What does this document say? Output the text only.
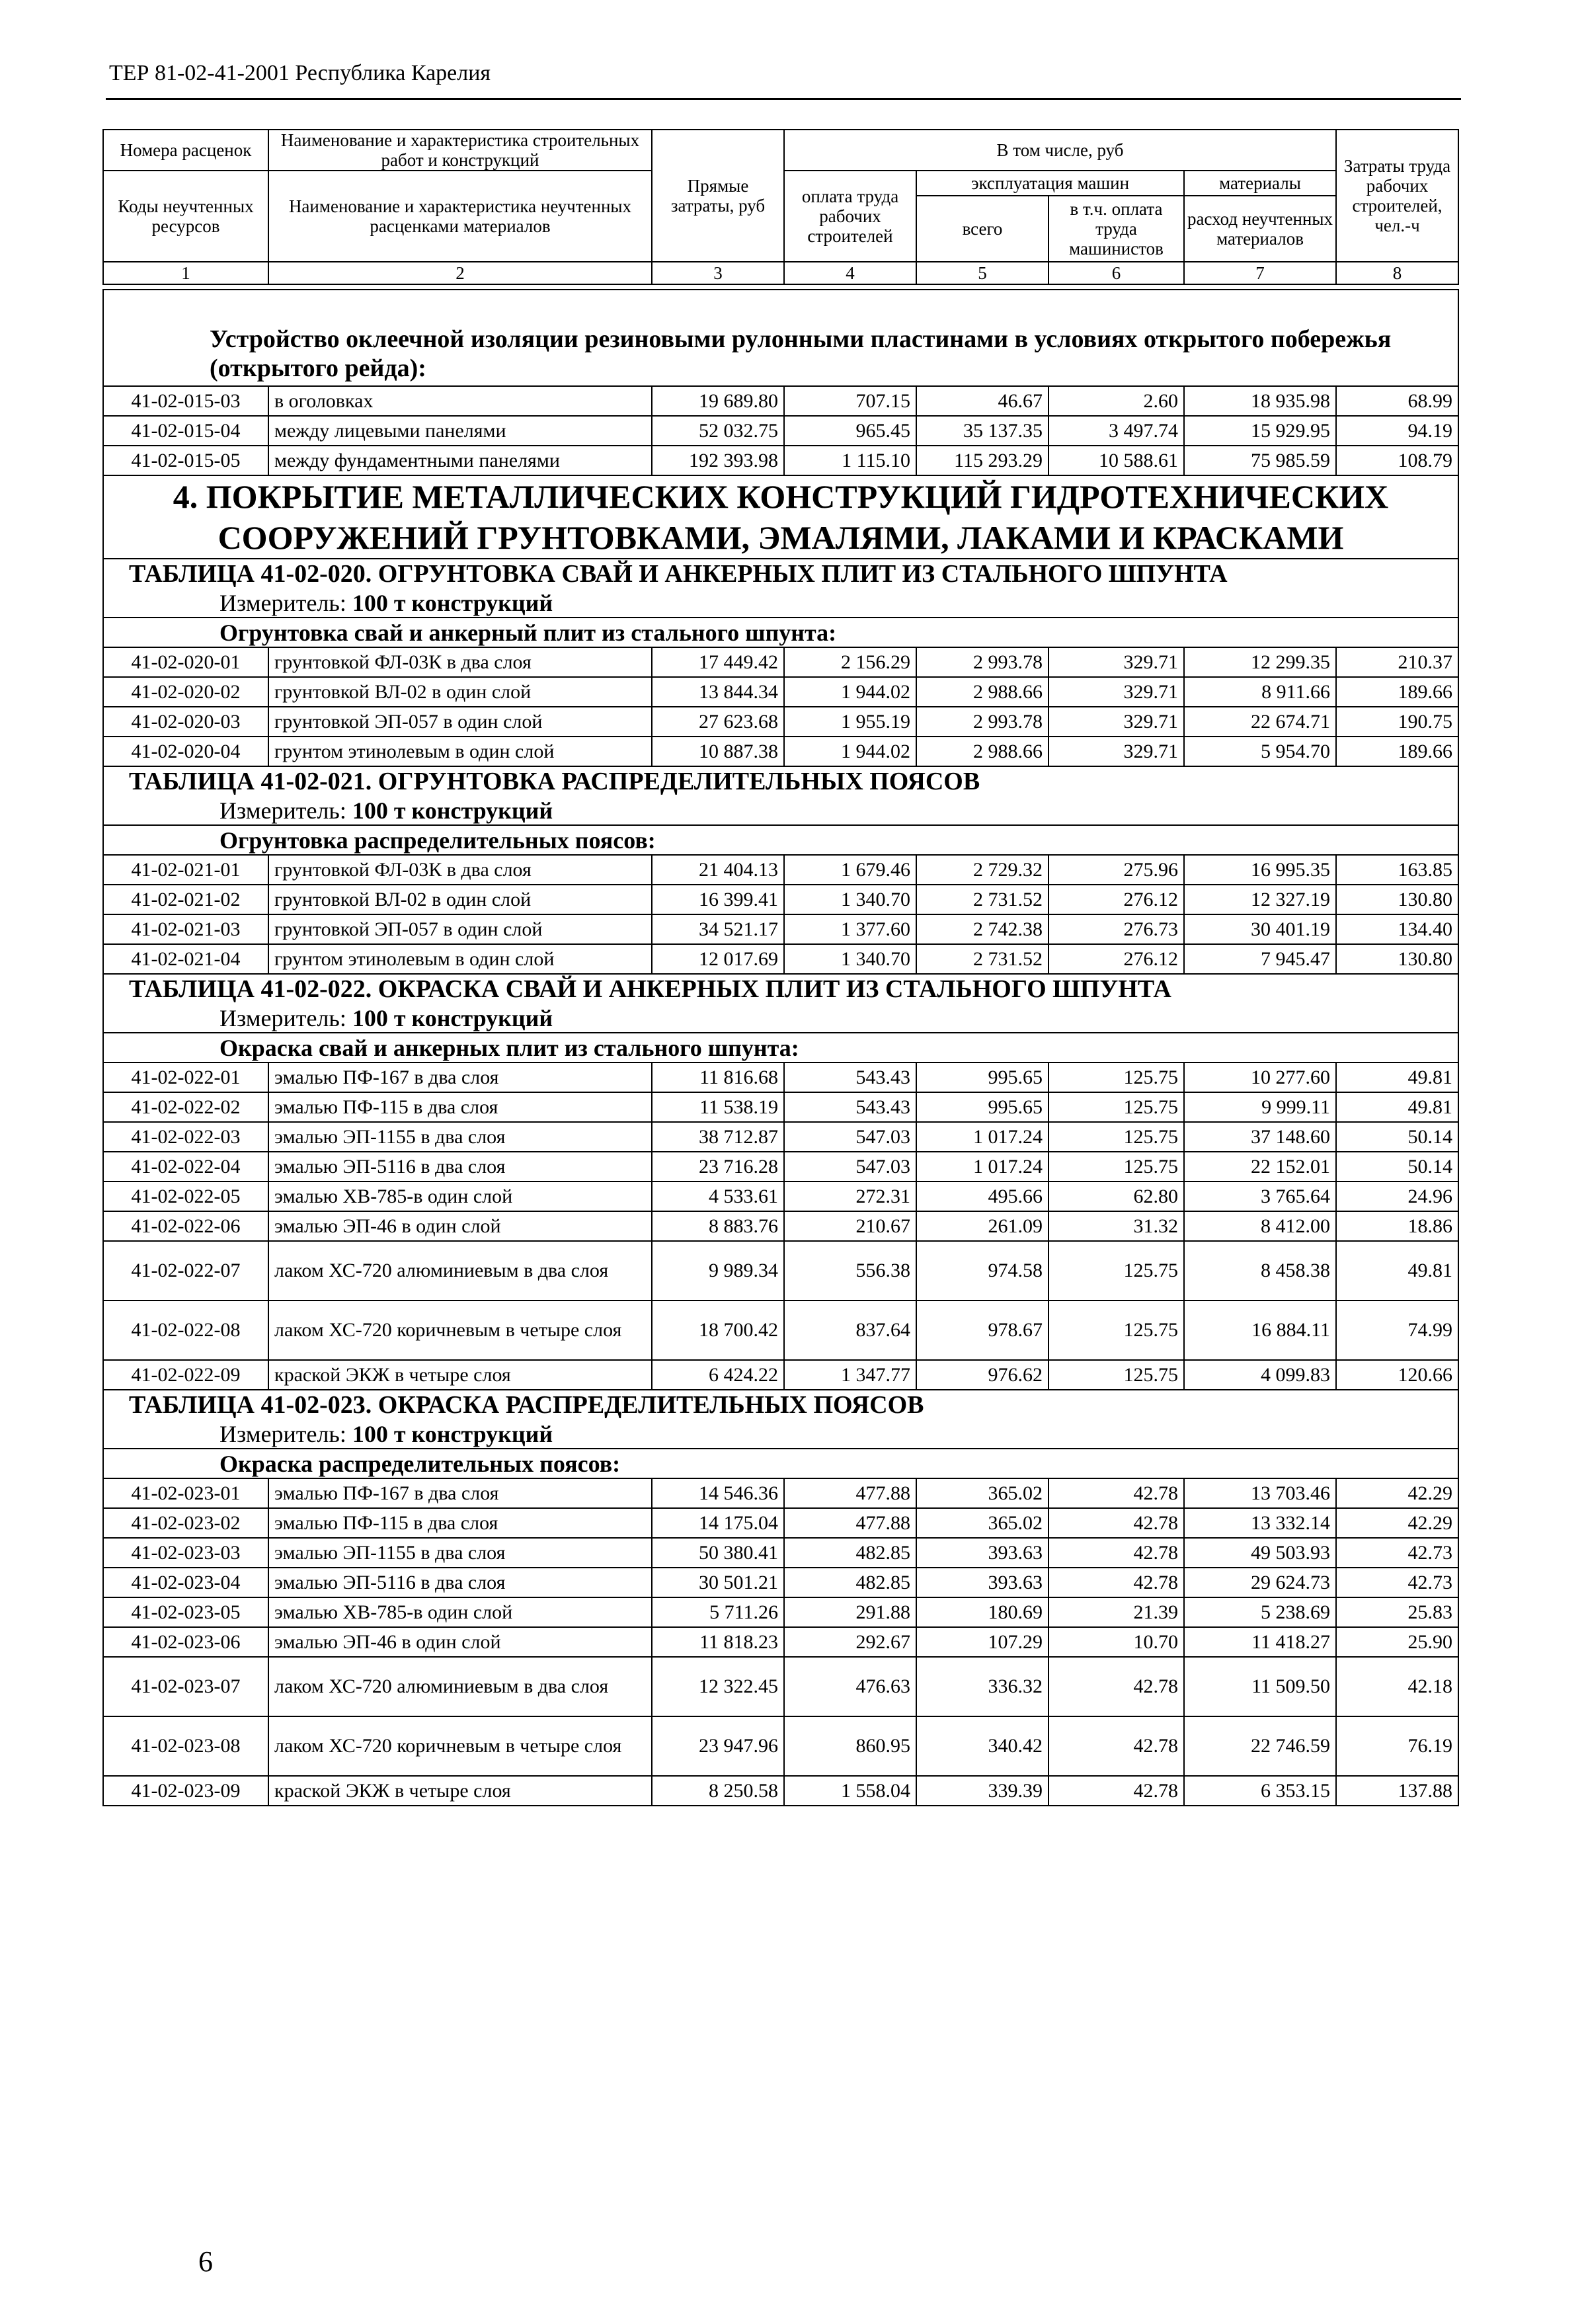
ТЕР 81-02-41-2001 Республика Карелия
Номера расценок	Наименование и характеристика строительных работ и конструкций	Прямые затраты, руб	В том числе, руб				Затраты труда рабочих строителей, чел.-ч
Коды неучтенных ресурсов	Наименование и характеристика неучтенных расценками материалов		оплата труда рабочих строителей	эксплуатация машин		материалы	
				всего	в т.ч. оплата труда машинистов	расход неучтенных материалов	
1	2	3	4	5	6	7	8
Устройство оклеечной изоляции резиновыми рулонными пластинами в условиях открытого побережья (открытого рейда):							
41-02-015-03	в оголовках	19 689.80	707.15	46.67	2.60	18 935.98	68.99
41-02-015-04	между лицевыми панелями	52 032.75	965.45	35 137.35	3 497.74	15 929.95	94.19
41-02-015-05	между фундаментными панелями	192 393.98	1 115.10	115 293.29	10 588.61	75 985.59	108.79
4. ПОКРЫТИЕ МЕТАЛЛИЧЕСКИХ КОНСТРУКЦИЙ ГИДРОТЕХНИЧЕСКИХ СООРУЖЕНИЙ ГРУНТОВКАМИ, ЭМАЛЯМИ, ЛАКАМИ И КРАСКАМИ							
ТАБЛИЦА 41-02-020. ОГРУНТОВКА СВАЙ И АНКЕРНЫХ ПЛИТ ИЗ СТАЛЬНОГО ШПУНТА							
Измеритель: 100 т конструкций							
Огрунтовка свай и анкерный плит из стального шпунта:							
41-02-020-01	грунтовкой ФЛ-03К в два слоя	17 449.42	2 156.29	2 993.78	329.71	12 299.35	210.37
41-02-020-02	грунтовкой ВЛ-02 в один слой	13 844.34	1 944.02	2 988.66	329.71	8 911.66	189.66
41-02-020-03	грунтовкой ЭП-057 в один слой	27 623.68	1 955.19	2 993.78	329.71	22 674.71	190.75
41-02-020-04	грунтом этинолевым в один слой	10 887.38	1 944.02	2 988.66	329.71	5 954.70	189.66
ТАБЛИЦА 41-02-021. ОГРУНТОВКА РАСПРЕДЕЛИТЕЛЬНЫХ ПОЯСОВ							
Измеритель: 100 т конструкций							
Огрунтовка распределительных поясов:							
41-02-021-01	грунтовкой ФЛ-03К в два слоя	21 404.13	1 679.46	2 729.32	275.96	16 995.35	163.85
41-02-021-02	грунтовкой ВЛ-02 в один слой	16 399.41	1 340.70	2 731.52	276.12	12 327.19	130.80
41-02-021-03	грунтовкой ЭП-057 в один слой	34 521.17	1 377.60	2 742.38	276.73	30 401.19	134.40
41-02-021-04	грунтом этинолевым в один слой	12 017.69	1 340.70	2 731.52	276.12	7 945.47	130.80
ТАБЛИЦА 41-02-022. ОКРАСКА СВАЙ И АНКЕРНЫХ ПЛИТ ИЗ СТАЛЬНОГО ШПУНТА							
Измеритель: 100 т конструкций							
Окраска свай и анкерных плит из стального шпунта:							
41-02-022-01	эмалью ПФ-167 в два слоя	11 816.68	543.43	995.65	125.75	10 277.60	49.81
41-02-022-02	эмалью ПФ-115 в два слоя	11 538.19	543.43	995.65	125.75	9 999.11	49.81
41-02-022-03	эмалью ЭП-1155 в два слоя	38 712.87	547.03	1 017.24	125.75	37 148.60	50.14
41-02-022-04	эмалью ЭП-5116 в два слоя	23 716.28	547.03	1 017.24	125.75	22 152.01	50.14
41-02-022-05	эмалью ХВ-785-в один слой	4 533.61	272.31	495.66	62.80	3 765.64	24.96
41-02-022-06	эмалью ЭП-46 в один слой	8 883.76	210.67	261.09	31.32	8 412.00	18.86
41-02-022-07	лаком ХС-720 алюминиевым в два слоя	9 989.34	556.38	974.58	125.75	8 458.38	49.81
41-02-022-08	лаком ХС-720 коричневым в четыре слоя	18 700.42	837.64	978.67	125.75	16 884.11	74.99
41-02-022-09	краской ЭКЖ в четыре слоя	6 424.22	1 347.77	976.62	125.75	4 099.83	120.66
ТАБЛИЦА 41-02-023. ОКРАСКА РАСПРЕДЕЛИТЕЛЬНЫХ ПОЯСОВ							
Измеритель: 100 т конструкций							
Окраска распределительных поясов:							
41-02-023-01	эмалью ПФ-167 в два слоя	14 546.36	477.88	365.02	42.78	13 703.46	42.29
41-02-023-02	эмалью ПФ-115 в два слоя	14 175.04	477.88	365.02	42.78	13 332.14	42.29
41-02-023-03	эмалью ЭП-1155 в два слоя	50 380.41	482.85	393.63	42.78	49 503.93	42.73
41-02-023-04	эмалью ЭП-5116 в два слоя	30 501.21	482.85	393.63	42.78	29 624.73	42.73
41-02-023-05	эмалью ХВ-785-в один слой	5 711.26	291.88	180.69	21.39	5 238.69	25.83
41-02-023-06	эмалью ЭП-46 в один слой	11 818.23	292.67	107.29	10.70	11 418.27	25.90
41-02-023-07	лаком ХС-720 алюминиевым в два слоя	12 322.45	476.63	336.32	42.78	11 509.50	42.18
41-02-023-08	лаком ХС-720 коричневым в четыре слоя	23 947.96	860.95	340.42	42.78	22 746.59	76.19
41-02-023-09	краской ЭКЖ в четыре слоя	8 250.58	1 558.04	339.39	42.78	6 353.15	137.88
6
